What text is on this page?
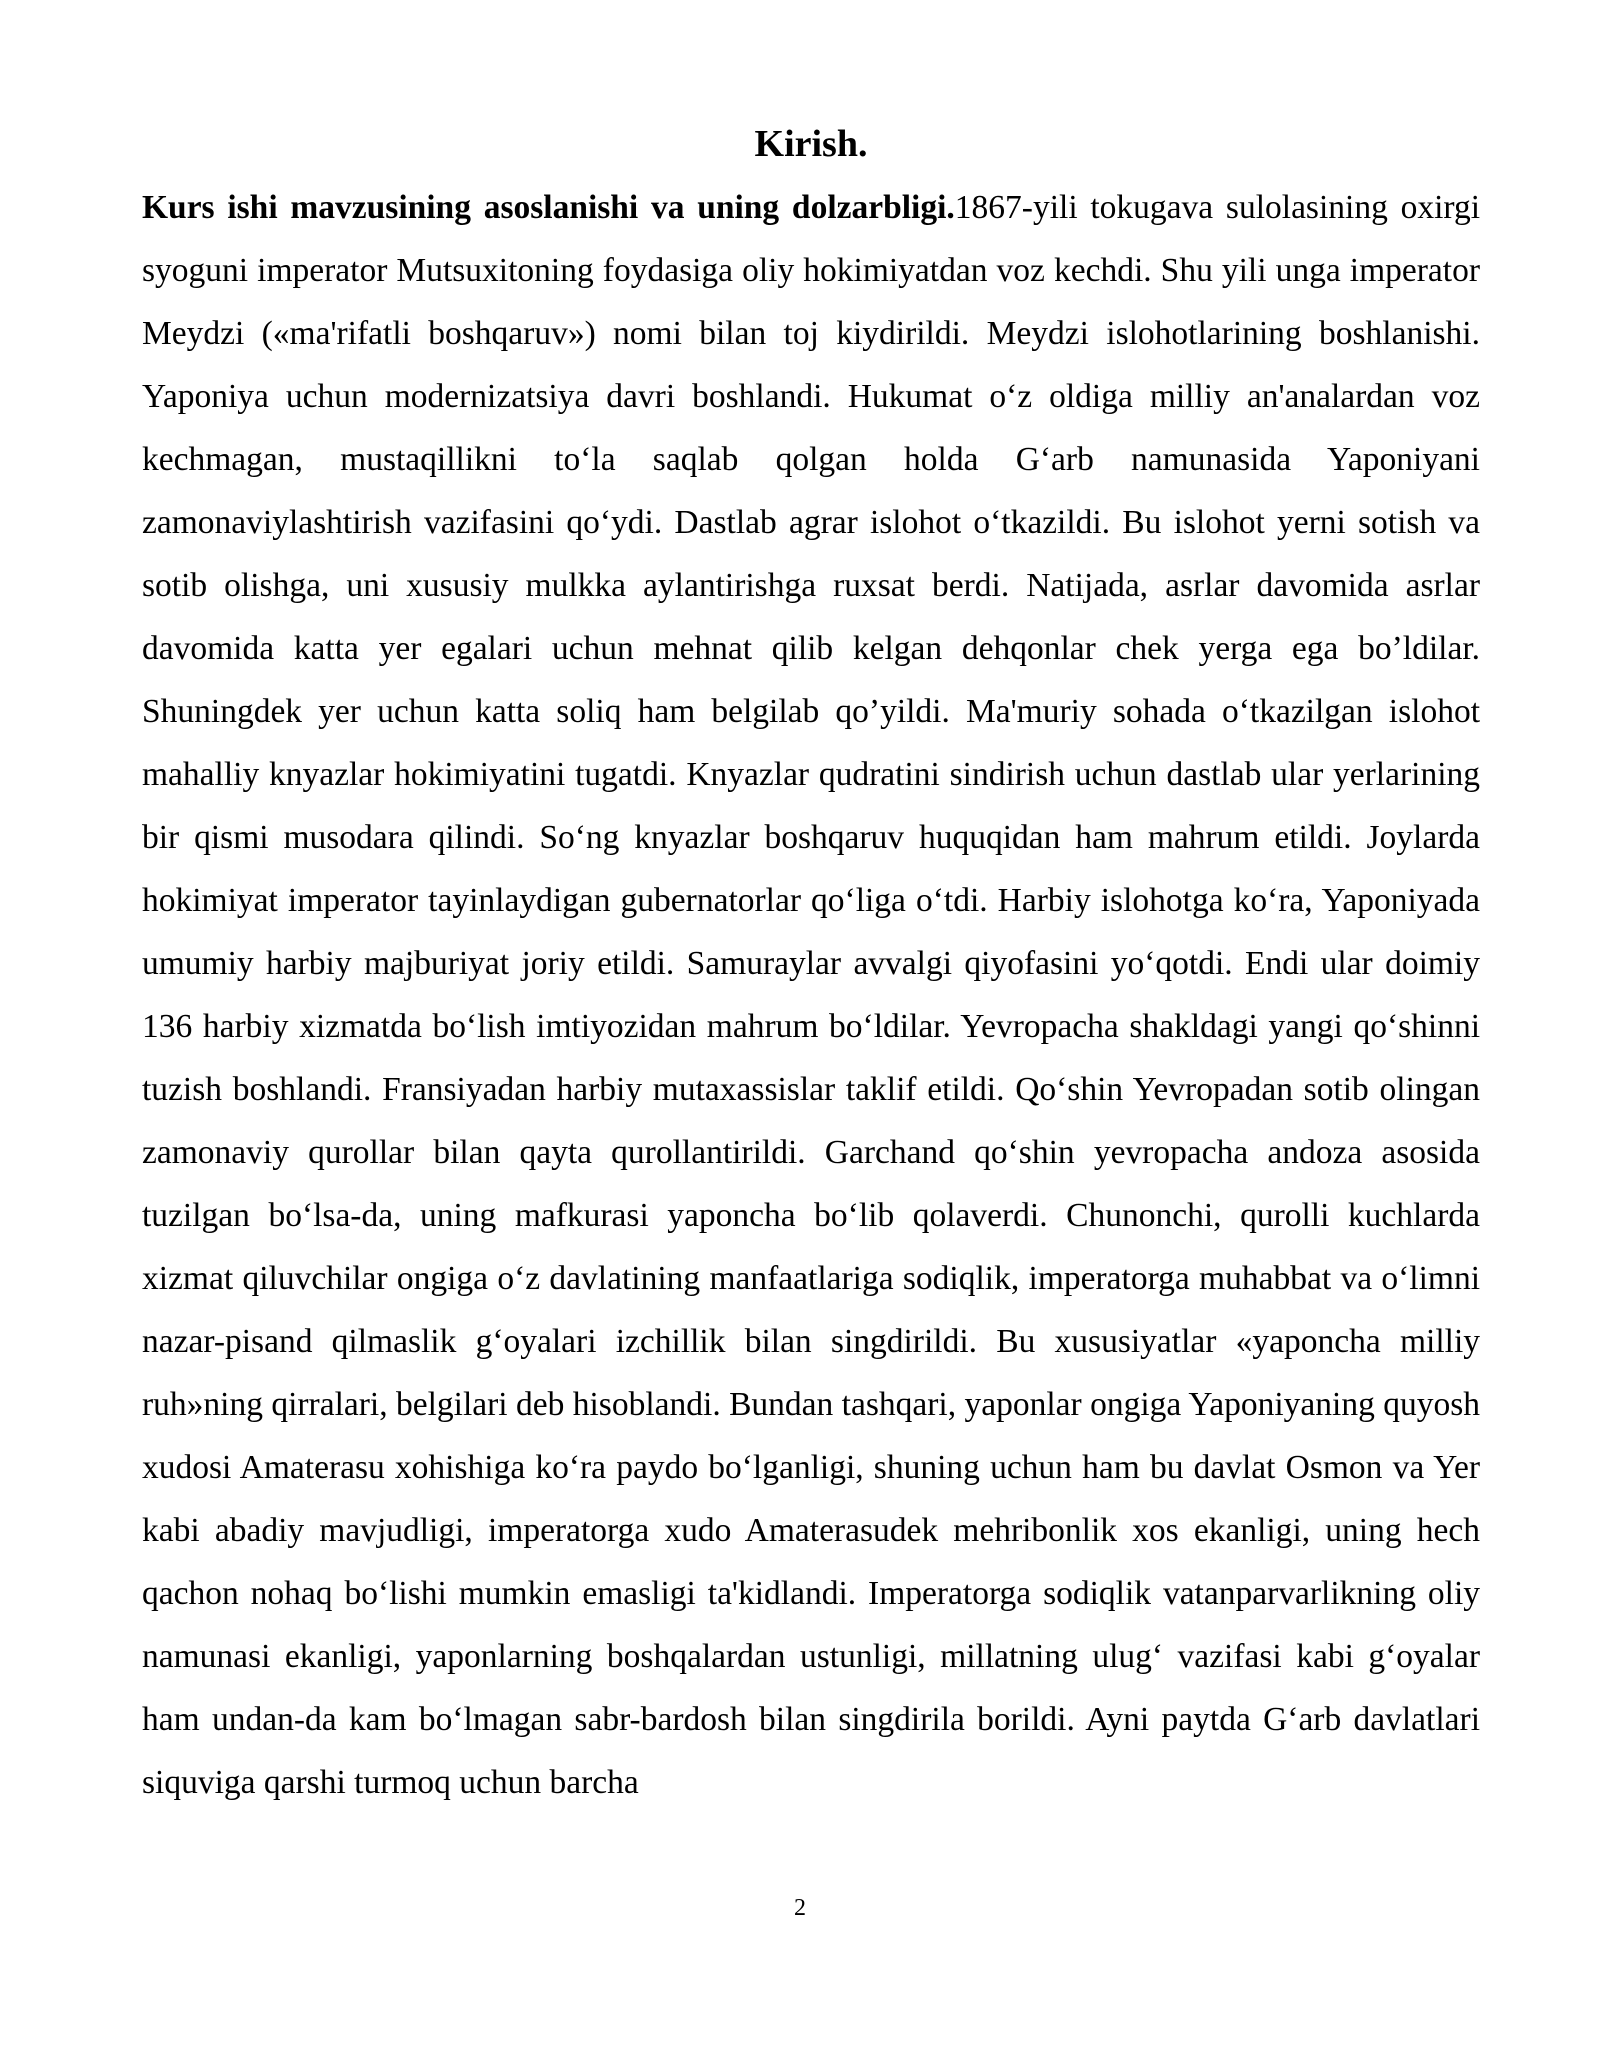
Kirish.

Kurs ishi mavzusining asoslanishi va uning dolzarbligi.1867-yili tokugava sulolasining oxirgi syoguni imperator Mutsuxitoning foydasiga oliy hokimiyatdan voz kechdi. Shu yili unga imperator Meydzi («ma'rifatli boshqaruv») nomi bilan toj kiydirildi. Meydzi islohotlarining boshlanishi. Yaponiya uchun modernizatsiya davri boshlandi. Hukumat o‘z oldiga milliy an'analardan voz kechmagan, mustaqillikni to‘la saqlab qolgan holda G‘arb namunasida Yaponiyani zamonaviylashtirish vazifasini qo‘ydi. Dastlab agrar islohot o‘tkazildi. Bu islohot yerni sotish va sotib olishga, uni xususiy mulkka aylantirishga ruxsat berdi. Natijada, asrlar davomida asrlar davomida katta yer egalari uchun mehnat qilib kelgan dehqonlar chek yerga ega bo’ldilar. Shuningdek yer uchun katta soliq ham belgilab qo’yildi. Ma'muriy sohada o‘tkazilgan islohot mahalliy knyazlar hokimiyatini tugatdi. Knyazlar qudratini sindirish uchun dastlab ular yerlarining bir qismi musodara qilindi. So‘ng knyazlar boshqaruv huquqidan ham mahrum etildi. Joylarda hokimiyat imperator tayinlaydigan gubernatorlar qo‘liga o‘tdi. Harbiy islohotga ko‘ra, Yaponiyada umumiy harbiy majburiyat joriy etildi. Samuraylar avvalgi qiyofasini yo‘qotdi. Endi ular doimiy 136 harbiy xizmatda bo‘lish imtiyozidan mahrum bo‘ldilar. Yevropacha shakldagi yangi qo‘shinni tuzish boshlandi. Fransiyadan harbiy mutaxassislar taklif etildi. Qo‘shin Yevropadan sotib olingan zamonaviy qurollar bilan qayta qurollantirildi. Garchand qo‘shin yevropacha andoza asosida tuzilgan bo‘lsa-da, uning mafkurasi yaponcha bo‘lib qolaverdi. Chunonchi, qurolli kuchlarda xizmat qiluvchilar ongiga o‘z davlatining manfaatlariga sodiqlik, imperatorga muhabbat va o‘limni nazar-pisand qilmaslik g‘oyalari izchillik bilan singdirildi. Bu xususiyatlar «yaponcha milliy ruh»ning qirralari, belgilari deb hisoblandi. Bundan tashqari, yaponlar ongiga Yaponiyaning quyosh xudosi Amaterasu xohishiga ko‘ra paydo bo‘lganligi, shuning uchun ham bu davlat Osmon va Yer kabi abadiy mavjudligi, imperatorga xudo Amaterasudek mehribonlik xos ekanligi, uning hech qachon nohaq bo‘lishi mumkin emasligi ta'kidlandi. Imperatorga sodiqlik vatanparvarlikning oliy namunasi ekanligi, yaponlarning boshqalardan ustunligi, millatning ulug‘ vazifasi kabi g‘oyalar ham undan-da kam bo‘lmagan sabr-bardosh bilan singdirila borildi. Ayni paytda G‘arb davlatlari siquviga qarshi turmoq uchun barcha

2
